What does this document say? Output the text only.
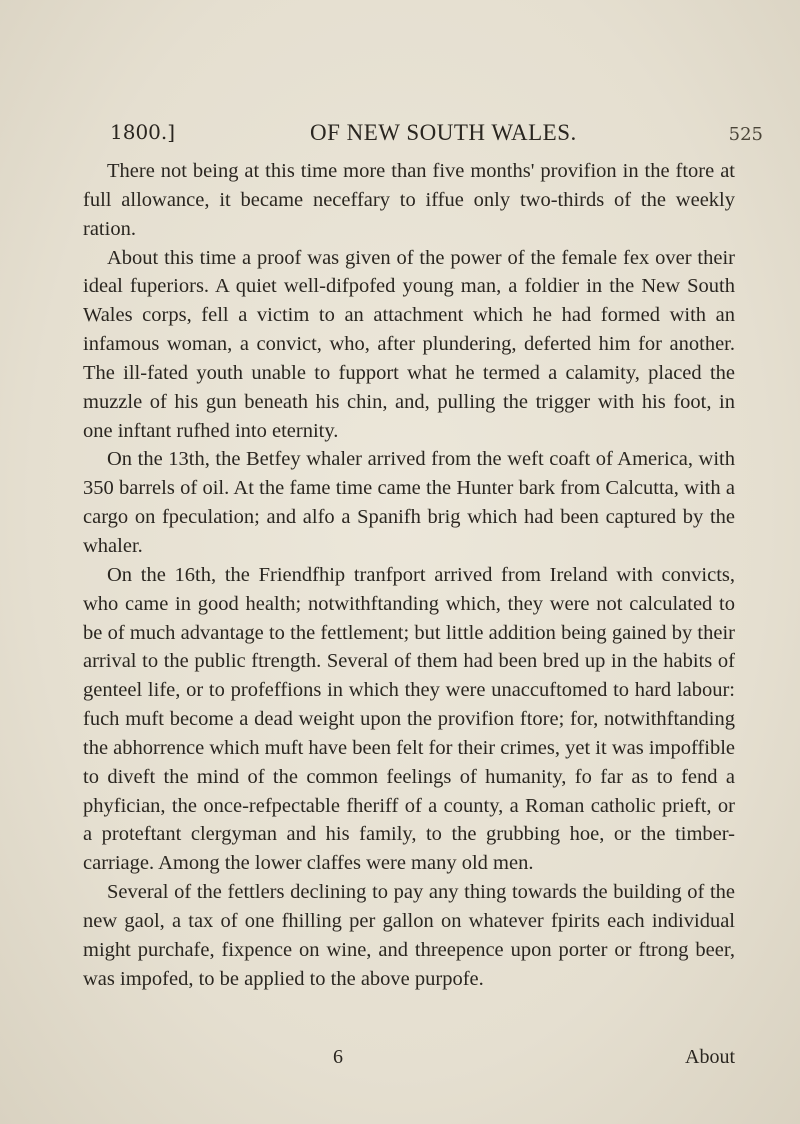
1800.]	OF NEW SOUTH WALES.	525

There not being at this time more than five months' provifion in the ftore at full allowance, it became neceffary to iffue only two-thirds of the weekly ration.

About this time a proof was given of the power of the female fex over their ideal fuperiors. A quiet well-difpofed young man, a foldier in the New South Wales corps, fell a victim to an attachment which he had formed with an infamous woman, a convict, who, after plundering, deferted him for another. The ill-fated youth unable to fupport what he termed a calamity, placed the muzzle of his gun beneath his chin, and, pulling the trigger with his foot, in one inftant rufhed into eternity.

On the 13th, the Betfey whaler arrived from the weft coaft of America, with 350 barrels of oil. At the fame time came the Hunter bark from Calcutta, with a cargo on fpeculation; and alfo a Spanifh brig which had been captured by the whaler.

On the 16th, the Friendfhip tranfport arrived from Ireland with convicts, who came in good health; notwithftanding which, they were not calculated to be of much advantage to the fettlement; but little addition being gained by their arrival to the public ftrength. Several of them had been bred up in the habits of genteel life, or to profeffions in which they were unaccuftomed to hard labour: fuch muft become a dead weight upon the provifion ftore; for, notwithftanding the abhorrence which muft have been felt for their crimes, yet it was impoffible to diveft the mind of the common feelings of humanity, fo far as to fend a phyfician, the once-refpectable fheriff of a county, a Roman catholic prieft, or a proteftant clergyman and his family, to the grubbing hoe, or the timber-carriage. Among the lower claffes were many old men.

Several of the fettlers declining to pay any thing towards the building of the new gaol, a tax of one fhilling per gallon on whatever fpirits each individual might purchafe, fixpence on wine, and threepence upon porter or ftrong beer, was impofed, to be applied to the above purpofe.

6	About
